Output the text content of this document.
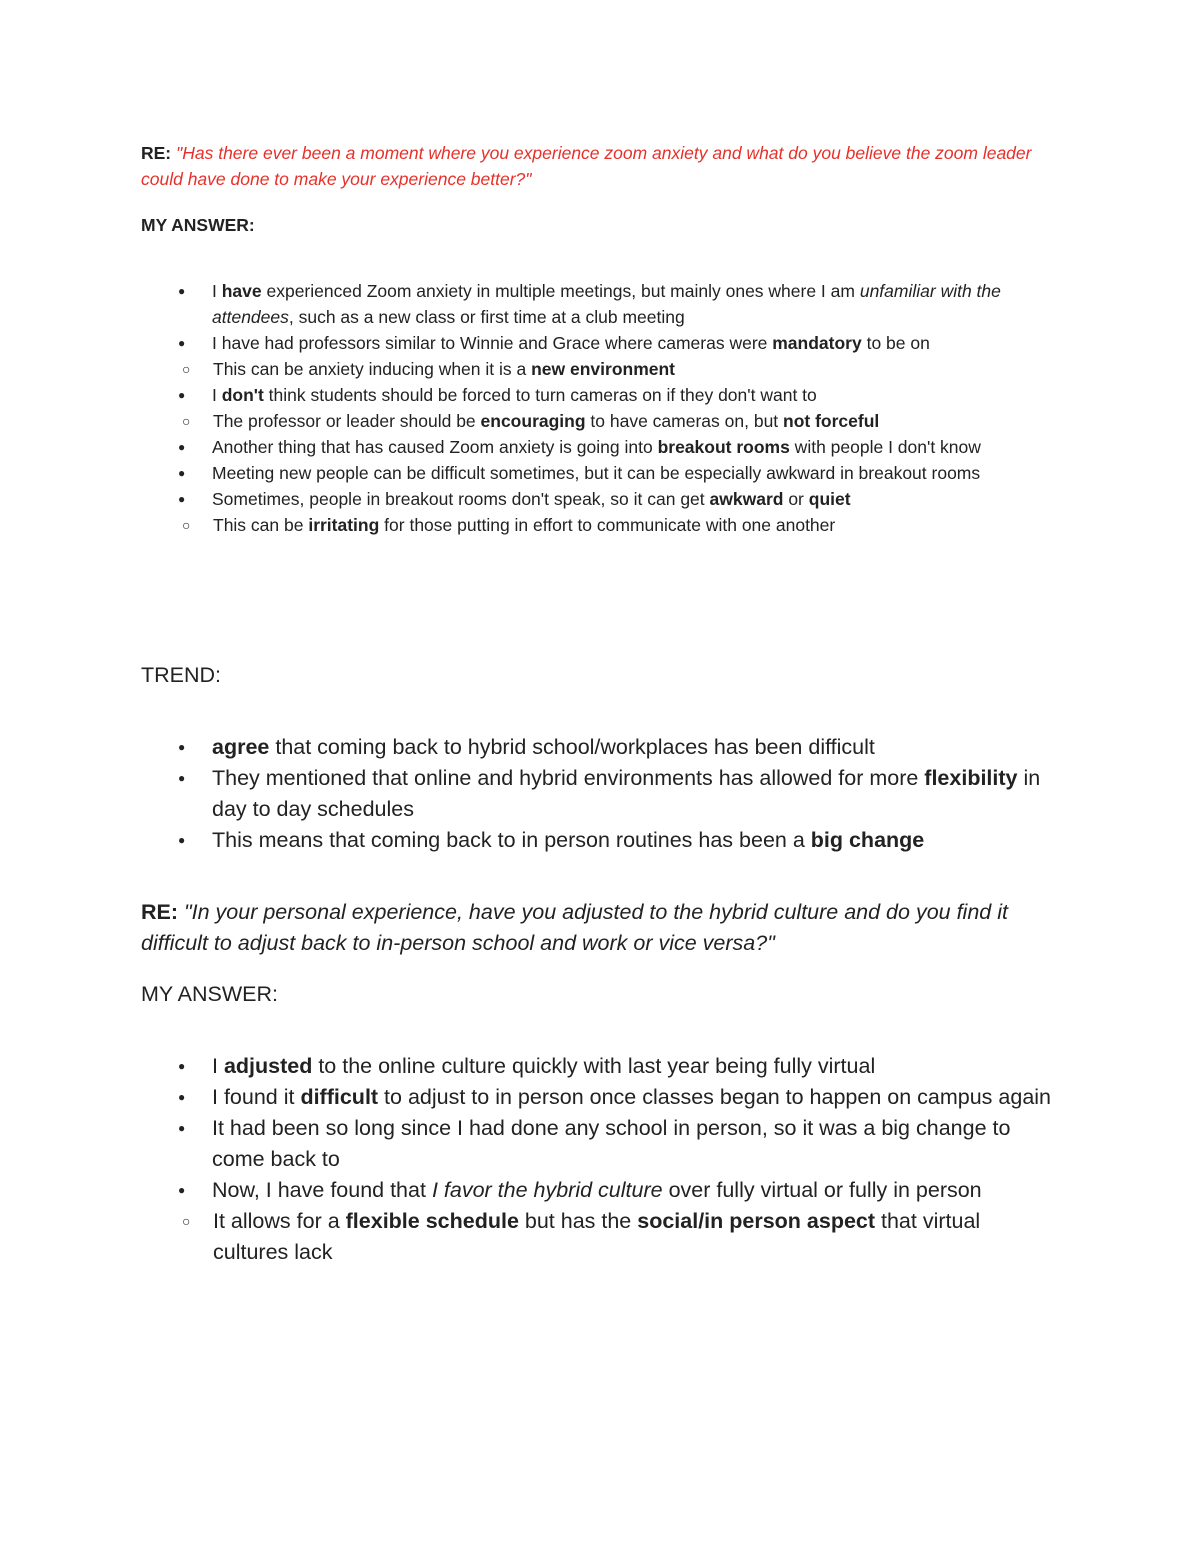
RE: "Has there ever been a moment where you experience zoom anxiety and what do you believe the zoom leader could have done to make your experience better?"
MY ANSWER:
● I have experienced Zoom anxiety in multiple meetings, but mainly ones where I am unfamiliar with the attendees, such as a new class or first time at a club meeting
● I have had professors similar to Winnie and Grace where cameras were mandatory to be on
○ This can be anxiety inducing when it is a new environment
● I don't think students should be forced to turn cameras on if they don't want to
○ The professor or leader should be encouraging to have cameras on, but not forceful
● Another thing that has caused Zoom anxiety is going into breakout rooms with people I don't know
● Meeting new people can be difficult sometimes, but it can be especially awkward in breakout rooms
● Sometimes, people in breakout rooms don't speak, so it can get awkward or quiet
○ This can be irritating for those putting in effort to communicate with one another
TREND:
● agree that coming back to hybrid school/workplaces has been difficult
● They mentioned that online and hybrid environments has allowed for more flexibility in day to day schedules
● This means that coming back to in person routines has been a big change
RE: "In your personal experience, have you adjusted to the hybrid culture and do you find it difficult to adjust back to in-person school and work or vice versa?"
MY ANSWER:
● I adjusted to the online culture quickly with last year being fully virtual
● I found it difficult to adjust to in person once classes began to happen on campus again
● It had been so long since I had done any school in person, so it was a big change to come back to
● Now, I have found that I favor the hybrid culture over fully virtual or fully in person
○ It allows for a flexible schedule but has the social/in person aspect that virtual cultures lack
